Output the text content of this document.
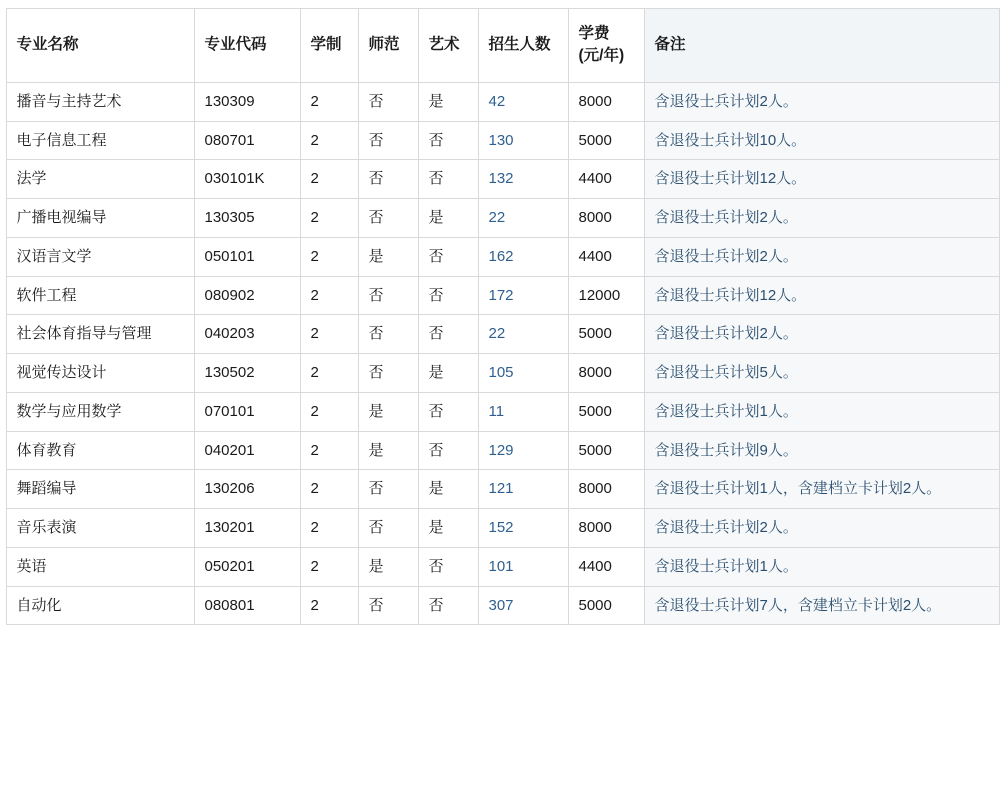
专业名称	专业代码	学制	师范	艺术	招生人数	学费 (元/年)	备注
播音与主持艺术	130309	2	否	是	42	8000	含退役士兵计划2人。
电子信息工程	080701	2	否	否	130	5000	含退役士兵计划10人。
法学	030101K	2	否	否	132	4400	含退役士兵计划12人。
广播电视编导	130305	2	否	是	22	8000	含退役士兵计划2人。
汉语言文学	050101	2	是	否	162	4400	含退役士兵计划2人。
软件工程	080902	2	否	否	172	12000	含退役士兵计划12人。
社会体育指导与管理	040203	2	否	否	22	5000	含退役士兵计划2人。
视觉传达设计	130502	2	否	是	105	8000	含退役士兵计划5人。
数学与应用数学	070101	2	是	否	11	5000	含退役士兵计划1人。
体育教育	040201	2	是	否	129	5000	含退役士兵计划9人。
舞蹈编导	130206	2	否	是	121	8000	含退役士兵计划1人，含建档立卡计划2人。
音乐表演	130201	2	否	是	152	8000	含退役士兵计划2人。
英语	050201	2	是	否	101	4400	含退役士兵计划1人。
自动化	080801	2	否	否	307	5000	含退役士兵计划7人，含建档立卡计划2人。
